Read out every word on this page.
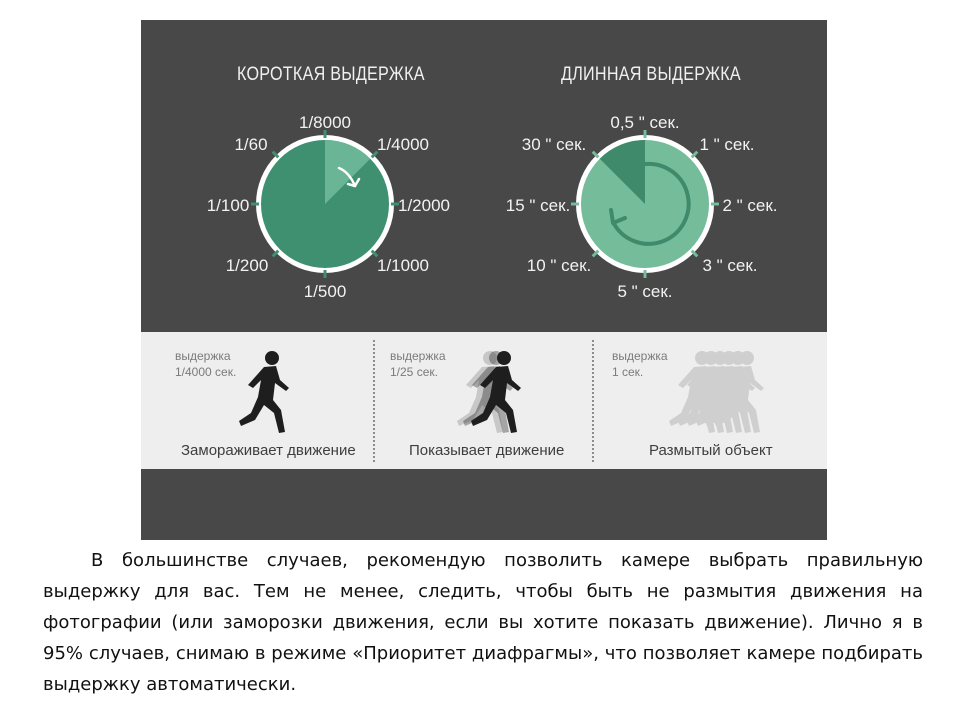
КОРОТКАЯ ВЫДЕРЖКА
1/8000
1/4000
1/2000
1/1000
1/500
1/200
1/100
1/60
ДЛИННАЯ ВЫДЕРЖКА
0,5 " сек.
1 " сек.
2 " сек.
3 " сек.
5 " сек.
10 " сек.
15 " сек.
30 " сек.
выдержка
1/4000 сек.
Замораживает движение
выдержка
1/25 сек.
Показывает движение
выдержка
1 сек.
Размытый объект

В большинстве случаев, рекомендую позволить камере выбрать правильную выдержку для вас. Тем не менее, следить, чтобы быть не размытия движения на фотографии (или заморозки движения, если вы хотите показать движение). Лично я в 95% случаев, снимаю в режиме «Приоритет диафрагмы», что позволяет камере подбирать выдержку автоматически.
